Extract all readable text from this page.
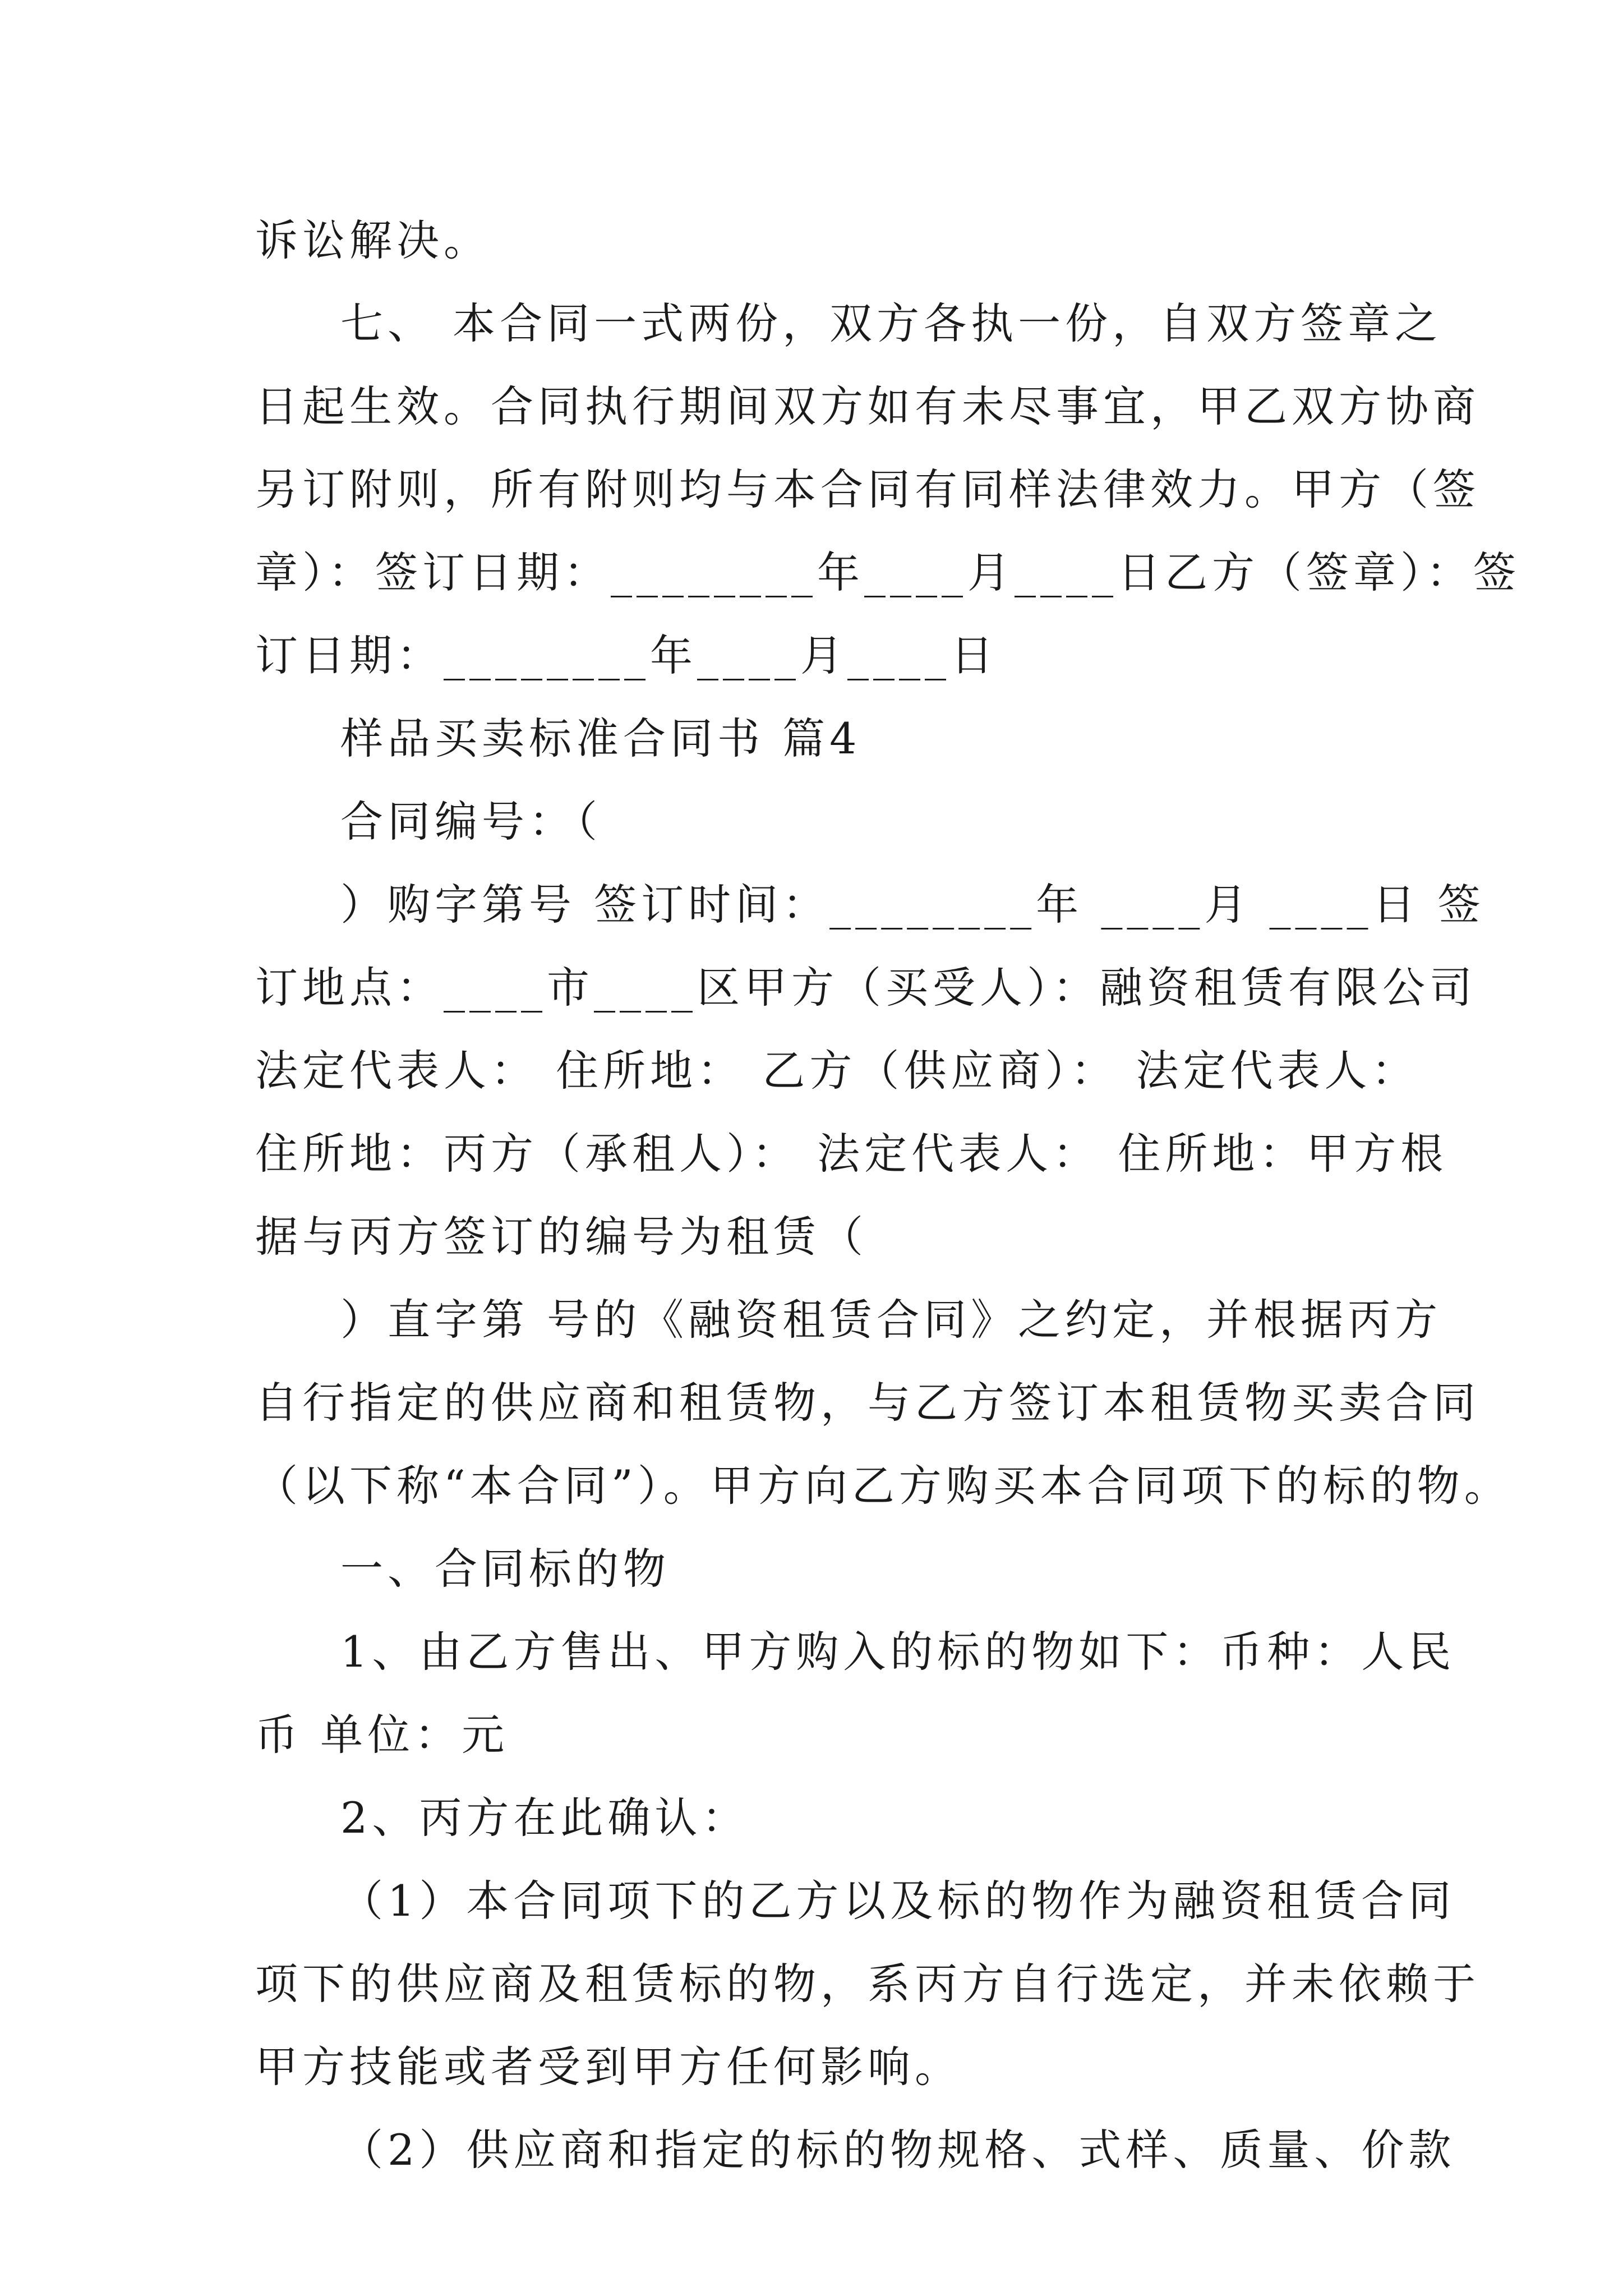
诉讼解决。
七、 本合同一式两份，双方各执一份，自双方签章之
日起生效。合同执行期间双方如有未尽事宜，甲乙双方协商
另订附则，所有附则均与本合同有同样法律效力。甲方（签
章）：签订日期：________年____月____日乙方（签章）：签
订日期：________年____月____日
样品买卖标准合同书 篇4
合同编号：（
）购字第号 签订时间：________年 ____月 ____日 签
订地点：____市____区甲方（买受人）：融资租赁有限公司
法定代表人： 住所地： 乙方（供应商）： 法定代表人：
住所地：丙方（承租人）： 法定代表人： 住所地：甲方根
据与丙方签订的编号为租赁（
）直字第 号的《融资租赁合同》之约定，并根据丙方
自行指定的供应商和租赁物，与乙方签订本租赁物买卖合同
（以下称“本合同”）。甲方向乙方购买本合同项下的标的物。
一、合同标的物
1、由乙方售出、甲方购入的标的物如下：币种：人民
币 单位：元
2、丙方在此确认：
（1）本合同项下的乙方以及标的物作为融资租赁合同
项下的供应商及租赁标的物，系丙方自行选定，并未依赖于
甲方技能或者受到甲方任何影响。
（2）供应商和指定的标的物规格、式样、质量、价款
